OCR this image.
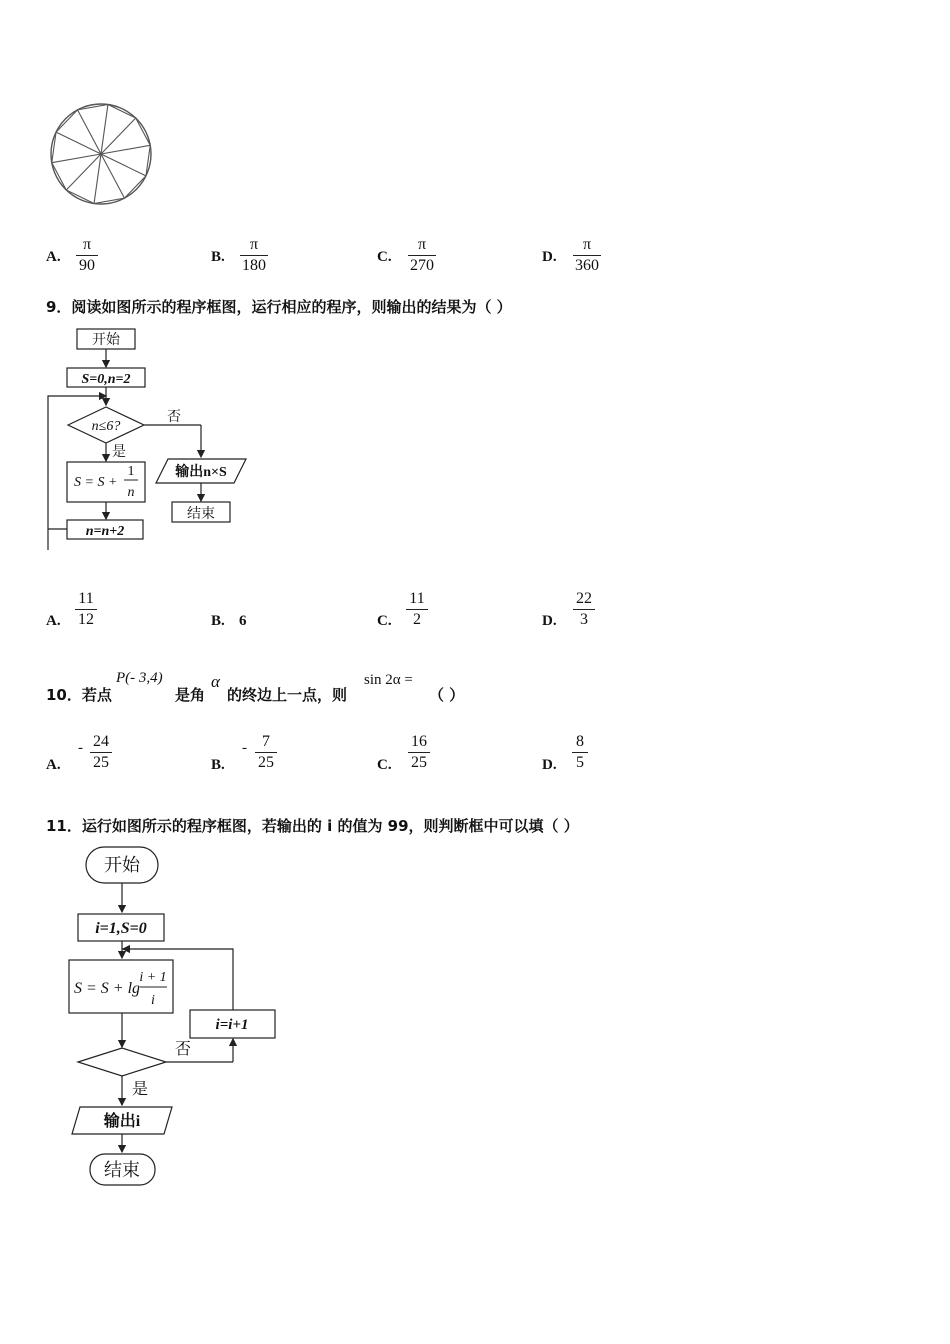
A.
π
90	B.
π
180	C.
π
270	D.
π
360
9．阅读如图所示的程序框图，运行相应的程序，则输出的结果为（ ）
开始
S=0,n=2
n≤6?
否
是
S = S +
1
n
输出n×S
结束
n=n+2
A.
11
12	B. 6	C.
11
2	D.
22
3
10．若点
P(- 3,4)
是角
α
的终边上一点，则
sin 2α =
（ ）
A.
- 24
25	B.
- 7
25	C.
16
25	D.
8
5
11．运行如图所示的程序框图，若输出的 i 的值为 99，则判断框中可以填（ ）
开始
i=1,S=0
S = S + lg
i + 1
i
i=i+1
否
是
输出i
结束
